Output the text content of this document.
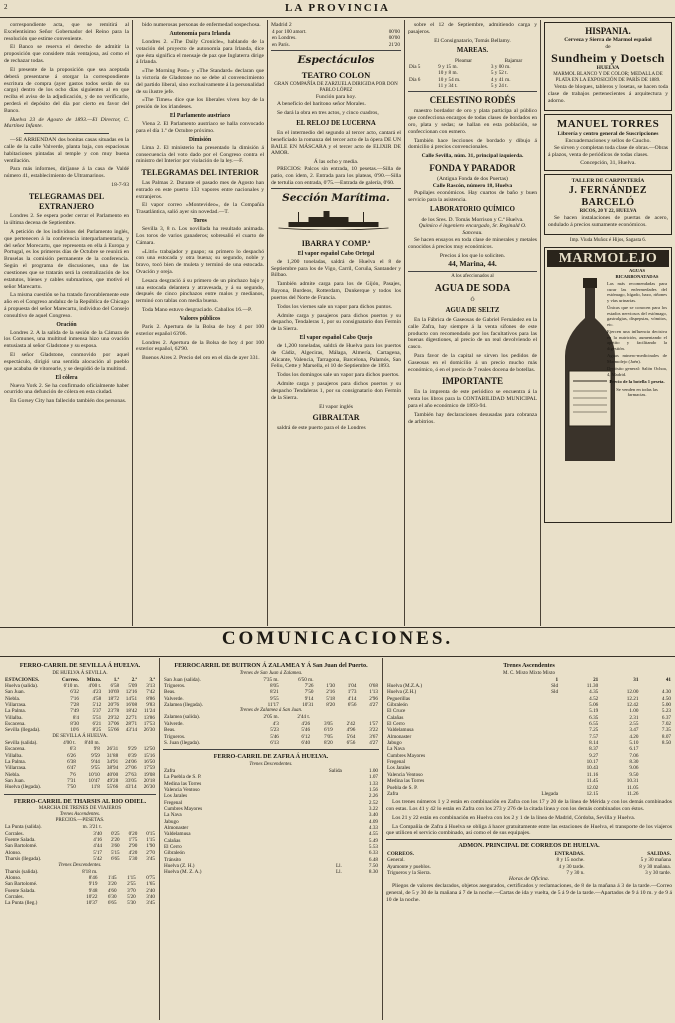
2	LA PROVINCIA
correspondiente acta, que se remitirá al Excelentísimo Señor Gobernador del Reino para la resolución que estime conveniente.
El Banco se reserva el derecho de admitir la proposición que considere más ventajosa, así como el de rechazar todas.
El presente de la proposición que sea aceptada deberá presentarse á otorgar la correspondiente escritura de compra (ayer gastos todos serán de su cargo) dentro de los ocho días siguientes al en que reciba el aviso de la adjudicación, y de no verificarlo, perderá el depósito del día por cierto en favor del Banco.
Huelva 23 de Agosto de 1893.—El Director, C. Martínez Infante.
—SE ARRIENDAN dos bonitas casas situadas en la calle de la calle Valverde, planta baja, con espaciosas habitaciones pintadas al temple y con muy buena ventilación.
Para más informes, diríjanse á la casa de Valdé número 41, establecimiento de Ultramarinos.
18-7-93
TELEGRAMAS DEL EXTRANJERO
Londres 2. Se espera poder cerrar el Parlamento en la última decena de Septiembre.
A petición de los individuos del Parlamento inglés, que pertenecen á la conferencia interparlamentaria, y del señor Morecartu, que representa en ella á Europa y Portugal, es los primeros días de Octubre se reunirá en Bruselas la comisión permanente de la conferencia. Según el programa de discusiones, una de las cuestiones que se tratarán será la centralización de los estatutos, bienes y cables submarinos, que motivó el señor Marecartu.
La misma cuestión se ha tratado favorablemente este año en el Congreso andaluz de la República de Chicago á propuesta del señor Marecartu, individuo del Consejo consultivo de aquel Congreso.
Oración
Londres 2. A la salida de la sesión de la Cámara de los Comunes, una multitud inmensa hizo una ovación entusiasta al señor Gladstone y su esposa.
El señor Gladstone, conmovido por aquel espectáculo, dirigió una sentida alocución al pueblo que acababa de vitorearle, y se despidió de la multitud.
El cólera
Nueva York 2. Se ha confirmado oficialmente haber ocurrido una defunción de cólera en esta ciudad.
En Gorsey City han fallecido también dos personas.
bido numerosas personas de enfermedad sospechosa.
Autonomía para Irlanda
Londres 2. «The Daily Cronicle», hablando de la votación del proyecto de autonomía para Irlanda, dice que ésta significa el mensaje de paz que Inglaterra dirige á Irlanda.
«The Morning Post» y «The Standard» declaran que la victoria de Gladstone no se debe al convencimiento del partido liberal, sino exclusivamente á la personalidad de su ilustre jefe.
«The Times» dice que los liberales viven hoy de la presión de los irlandeses.
El Parlamento austriaco
Viena 2. El Parlamento austriaco se halla convocado para el día 1.º de Octubre próximo.
Dimisión
Lima 2. El ministerio ha presentado la dimisión á consecuencia del voto dado por el Congreso contra el ministro del Interior por violación de la ley.—F.
TELEGRAMAS DEL INTERIOR
Las Palmas 2. Durante el pasado mes de Agosto han entrado en este puerto 133 vapores entre nacionales y extranjeros.
El vapor correo «Montevideo», de la Compañía Trasatlántica, salió ayer sin novedad.—T.
Toros
Sevilla 3, 8 n. Los novillada ha resultado animada. Los toros de varios ganaderos; sobresalió el cuarto de Cámara.
«Litri» trabajador y guapo; su primero lo despachó con una estocada y otra buena; su segundo, noble y bravo, tocó bien de muleta y terminó de una estocada. Ovación y oreja.
Lesaca desgració á su primero de un pinchazo bajo y una estocada delantera y atravesada, y á su segundo, después de cinco pinchazos entre malos y medianos, terminó con tablas con media buena.
Toda Mano estuvo desgraciado. Caballos 16.—P.
Valores públicos
París 2. Apertura de la Bolsa de hoy 4 por 100 exterior español 63'06.
Londres 2. Apertura de la Bolsa de hoy 4 por 100 exterior español, 62'90.
Buenos Aires 2. Precio del oro en el día de ayer 331.
Madrid 2
4 por 100 amort.	00'00
en Londres.	00'00
en París.	21'20
Espectáculos
TEATRO COLON
GRAN COMPAÑÍA DE ZARZUELA DIRIGIDA POR DON PABLO LÓPEZ
Función para hoy.
A beneficio del barítono señor Morales.
Se dará la obra en tres actos, y cinco cuadros,
EL RELOJ DE LUCERNA
En el intermedio del segundo al tercer acto, cantará el beneficiado la romanza del tercer acto de la ópera DE UN BAILE EN MÁSCARA y el tercer acto de ELIXIR DE AMOR.
Á las ocho y media.
PRECIOS: Palcos sin entrada, 10 pesetas.—Silla de patio, con ídem, 2. Entrada para los plateas, 0'90.—Silla de tertulia con entrada, 0'75.—Entrada de galería, 0'60.
Sección Marítima.
IBARRA Y COMP.ª
El vapor español Cabo Ortegal
de 1,200 toneladas, saldrá de Huelva el 8 de Septiembre para los de Vigo, Carril, Coruña, Santander y Bilbao.
También admite carga para los de Gijón, Pasajes, Bayona, Burdeos, Rotterdam, Dunkerque y todos los puertos del Norte de Francia.
Todos los viernes sale un vapor para dichos puntos.
Admite carga y pasajeros para dichos puertos y su despacho, Tendaleras 1, por su consignatario don Fermín de la Sierra.
El vapor español Cabo Quejo
de 1,200 toneladas, saldrá de Huelva para los puertos de Cádiz, Algeciras, Málaga, Almería, Cartagena, Alicante, Valencia, Tarragona, Barcelona, Palamós, San Feliu, Cette y Marsella, el 10 de Septiembre de 1893.
Todos los domingos sale un vapor para dichos puertos.
Admite carga y pasajeros para dichos puertos y su despacho Tendaleras 1, por su consignatario don Fermín de la Sierra.
El vapor inglés
GIBRALTAR
saldrá de este puerto para el de Londres
sobre el 12 de Septiembre, admitiendo carga y pasajeros.
El Consignatario, Tomás Bellamy.
MAREAS.
	Pleamar	Bajamar
Día 5	9 y 15 m.	3 y 00 m.
	10 y 8 m.	5 y 52 t.
Día 6	10 y 54 m.	4 y 41 m.
	11 y 34 t.	5 y 24 t.
CELESTINO RODÉS
maestro bordador de oro y plata participa al público que confecciona encargos de todas clases de bordados en oro, plata y sedas; se hallan en esta población, se confeccionan con esmero.
También hace lecciones de bordado y dibujo á domicilio á precios convencionales.
Calle Sevilla, núm. 31, principal izquierda.
FONDA Y PARADOR
(Antigua Fonda de dos Puertas)
Calle Rascón, número 18, Huelva
Pupilajes económicos. Hay cuartos de baño y buen servicio para la asistencia.
LABORATORIO QUÍMICO
de los Sres. D. Tomás Morrison y C.ª Huelva.
Químico é ingeniero encargado, Sr. Reginald O. Sanceau.
Se hacen ensayos en toda clase de minerales y metales conocidos á precios muy económicos.
Precios á los que lo soliciten.
44, Marina, 44.
A los afeccionados al
AGUA DE SODA
Ó
AGUA DE SELTZ
En la Fábrica de Gaseosas de Gabriel Fernández en la calle Zafra, hay siempre á la venta sifones de este producto con recomendado por los facultativos para las buenas digestiones, al precio de un real devolviendo el casco.
Para favor de la capital se sirven los pedidos de Gaseosas en el domicilio á un precio mucho más económico, ó en el precio de 7 reales docena de botellas.
IMPORTANTE
En la imprenta de este periódico se encuentra á la venta los libros para la CONTABILIDAD MUNICIPAL para el año económico de 1893-94.
También hay declaraciones desusadas para cobranza de arbitrios.
HISPANIA.
Cerveza y Sierra de Marmol español
de
Sundheim y Doetsch
HUELVA
MARMOL BLANCO Y DE COLOR; MEDALLA DE PLATA EN LA EXPOSICIÓN DE PARÍS DE 1889.
Venta de bloques, tableros y losetas, se hacen toda clase de trabajos pertenecientes á arquitectura y adorno.
MANUEL TORRES
Librería y centro general de Suscripciones
Encuadernaciones y sellos de Caucho.
Se sirven y completan toda clase de obras.—Obras á plazos, venta de periódicos de todas clases.
Concepción, 31, Huelva.
TALLER DE CARPINTERÍA
J. FERNÁNDEZ BARCELÓ
RICOS, 20 Y 22, HUELVA
Se hacen instalaciones de puertas de acero, ondulado á precios sumamente económicos.
Imp. Viuda Muñoz é Hijos, Sagasta 6.
MARMOLEJO
AGUAS BICARBONATADAS
Las más recomendadas para curar las enfermedades del estómago, hígado, bazo, riñones y vías urinarias.
Únicas que se conocen para los estados nerviosos del estómago, gastralgias, dispepsias, vómitos, etc.
Ejercen una influencia decisiva en la nutrición, aumentando el apetito y facilitando la digestión.
Aguas minero-medicinales de Marmolejo (Jaén).
Depósito general: Salón Ochoa, 4, Madrid.
Precio de la botella 1 peseta.
Se venden en todas las farmacias.
COMUNICACIONES.
FERRO-CARRIL DE SEVILLA Á HUELVA.
DE HUELVA Á SEVILLA.
ESTACIONES.	Correo.	Mixto.	1.ª	2.ª	3.ª
Huelva (salida).	6'10 m.	4'00 t.	6'58	5'09	3'13
San Juan.	6'32	4'23	10'69	12'16	7'42
Niebla.	7'16	4'58	18'72	14'51	8'86
Villarrasa.	7'28	5'12	20'76	16'08	9'83
La Palma.	7'49	5'37	23'78	18'42	11'24
Villalba.	8'4	5'51	29'32	22'71	13'86
Escacena.	8'30	6'21	37'06	28'71	17'53
Sevilla (llegada).	10'6	8'25	55'66	43'14	26'30
DE SEVILLA Á HUELVA.
Sevilla (salida).	4'00 t.	8'40 m.			
Escacena.	6'3	9'8	26'31	9'29	12'50
Villalba.	6'26	9'59	31'88	0'39	15'16
La Palma.	6'38	9'44	34'91	24'06	16'50
Villarrasa.	6'47	9'55	38'94	27'06	17'59
Niebla.	7'6	10'10	40'00	27'63	19'08
San Juan.	7'31	10'47	49'28	33'05	20'18
Huelva (llegada).	7'50	11'8	55'66	43'14	26'30
FERRO-CARRIL DE THARSIS AL RIO ODIEL.
MARCHA DE TRENES DE VIAJEROS
Trenes Ascendentes.
PRECIOS.—PESETAS.
La Punta (salida).	m. 3'21 t.			
Corrales.	3'40	0'25	0'20	0'15
Fuente Salada.	4'16	2'20	1'75	1'15
San Bartolomé.	4'44	3'60	2'90	1'90
Alonso.	5'17	5'15	4'20	2'70
Tharsis (llegada).	5'42	6'65	5'30	3'45
Trenes Descendentes.
Tharsis (salida).	8'18 m.			
Alonso.	8'46	1'45	1'15	0'75
San Bartolomé.	9'19	3'20	2'55	1'65
Fuente Salada.	9'48	4'60	3'70	2'40
Corrales.	10'22	6'30	5'20	3'40
La Punta (lleg.)	10'37	6'65	5'30	3'45
FERROCARRIL DE BUITRON Á ZALAMEA Y Á San Juan del Puerto.
Trenes de San Juan á Zalamea.
San Juan (salida).	7'35 m.	6'50 m.			
Trigueros.	8'05	7'26	1'30	1'04	0'68
Beas.	8'21	7'50	2'16	1'73	1'13
Valverde.	9'55	9'14	5'18	4'14	2'96
Zalamea (llegada).	11'17	10'31	8'20	6'56	4'27
Trenes de Zalamea á San Juan.
Zalamea (salida).	2'05 m.	2'44 t.			
Valverde.	4'3	4'26	3'05	2'42	1'57
Beas.	5'23	5'46	6'19	4'96	3'22
Trigueros.	5'46	6'12	7'05	5'64	3'67
S. Juan (llegada).	6'13	6'40	8'20	6'56	4'27
FERRO-CARRIL DE ZAFRA Á HUELVA.
Trenes Descendentes.
Zafra	Salida	1.00
La Puebla de S. P.		1.07
Medina las Torres		1.33
Valencia Ventoso		1.56
Los Jarales		2.26
Fregenal		2.52
Cumbres Mayores		3.22
La Nava		3.40
Jabugo		4.09
Almonaster		4.33
Valdelamusa		4.55
Calañas		5.49
El Cerro		5.53
Gibraleón		6.33
Tránsito		6.48
Huelva (Z. H.)	Ll.	7.50
Huelva (M. Z. A.)	Ll.	8.30
Trenes Ascendentes
M. C. Mixto Mixto Mixto
	1	21	31	41
Huelva (M.Z.A.)	Sld	11.30		
Huelva (Z.H.)	Sld	4.35	12.00	4.30
Peguerillas		4.52	12.21	4.50
Gibraleón		5.06	12.42	5.00
El Cruce		5.19	1.00	5.23
Calañas		6.35	2.31	6.37
El Cerro		6.55	2.55	7.02
Valdelamusa		7.25	3.47	7.35
Almonaster		7.57	4.20	8.07
Jabugo		8.14	5.10	8.50
La Nava		8.37	6.17	
Cumbres Mayores		9.27	7.06	
Fregenal		10.17	8.30	
Los Jarales		10.43	9.06	
Valencia Ventoso		11.16	9.50	
Medina las Torres		11.45	10.31	
Puebla de S. P.		12.02	11.05	
Zafra	Llegada	12.15	11.26	
Los trenes números 1 y 2 están en combinación en Zafra con los 17 y 20 de la línea de Mérida y con los demás combinados con estas. Los 41 y 42 lo están en Zafra con los 273 y 276 de la citada línea y con los demás combinados con éstos.
Los 21 y 22 están en combinación en Huelva con los 2 y 1 de la línea de Madrid, Córdoba, Sevilla y Huelva.
La Compañía de Zafra á Huelva se obliga á hacer gratuitamente entre las estaciones de Huelva, el transporte de los viajeros que utilicen el servicio combinado, así como el de sus equipajes.
ADMON. PRINCIPAL DE CORREOS DE HUELVA.
CORREOS.	ENTRADAS.	SALIDAS.
General.	8 y 15 noche.	5 y 30 mañana
Ayamonte y pueblos.	4 y 30 tarde.	8 y 30 mañana.
Trigueros y la Sierra.	7 y 30 n.	3 y 30 tarde.
Horas de Oficina.
Pliegos de valores declarados, objetos asegurados, certificados y reclamaciones, de 8 de la mañana á 3 de la tarde.—Correo general, de 5 y 30 de la mañana á 7 de la noche.—Cartas de ida y vuelta, de 5 á 9 de la tarde.—Apartados de 9 á 10 m. y de 9 á 10 de la noche.
